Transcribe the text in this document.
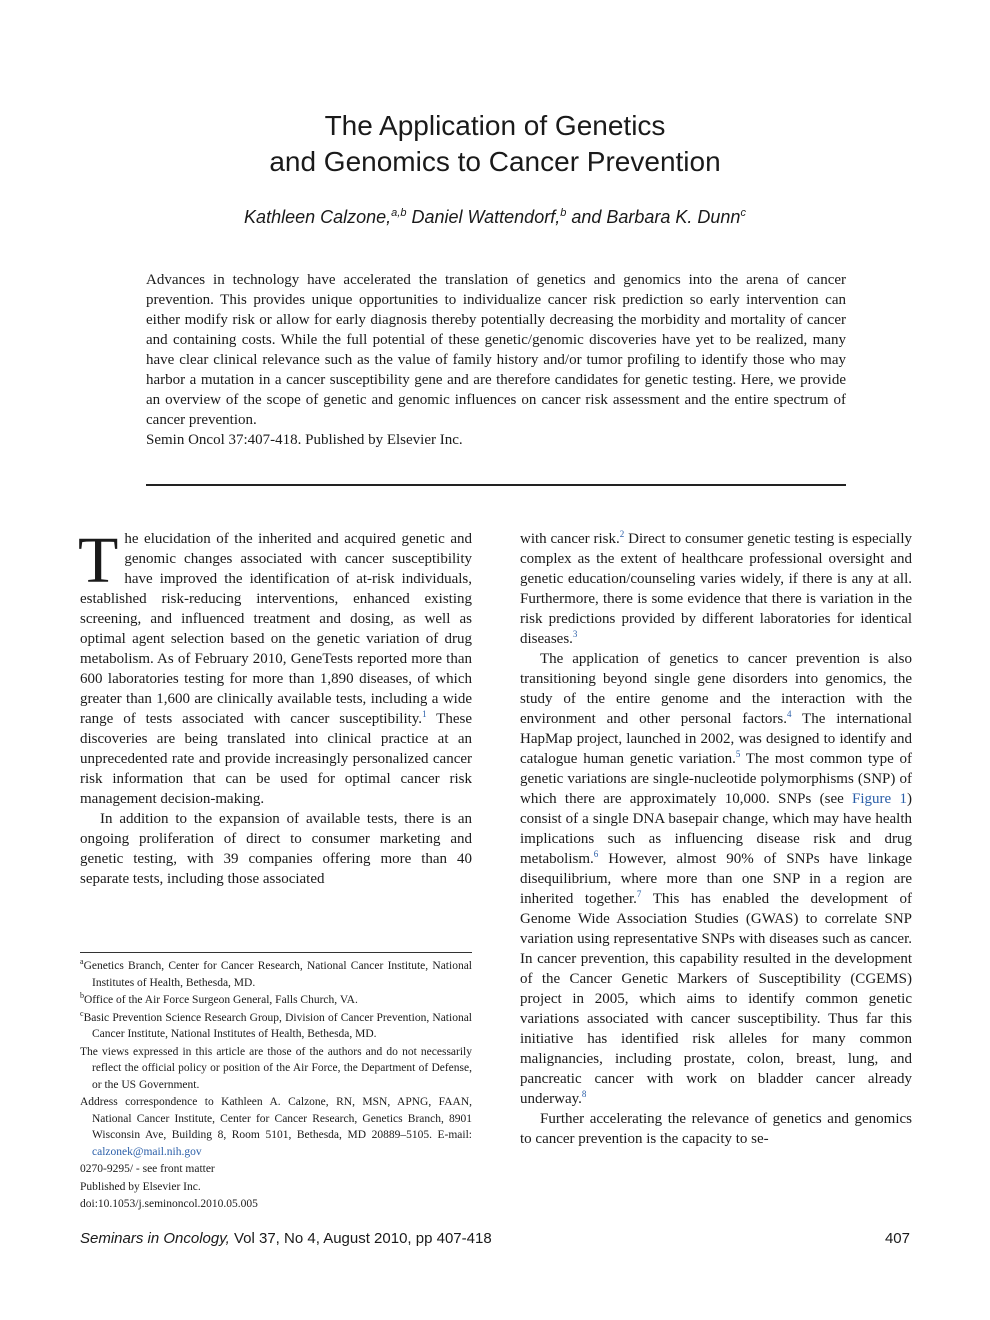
The Application of Genetics
and Genomics to Cancer Prevention
Kathleen Calzone,$^{a,b}$ Daniel Wattendorf,$^b$ and Barbara K. Dunn$^c$

Advances in technology have accelerated the translation of genetics and genomics into the arena of cancer prevention. This provides unique opportunities to individualize cancer risk prediction so early intervention can either modify risk or allow for early diagnosis thereby potentially decreasing the morbidity and mortality of cancer and containing costs. While the full potential of these genetic/genomic discoveries have yet to be realized, many have clear clinical relevance such as the value of family history and/or tumor profiling to identify those who may harbor a mutation in a cancer susceptibility gene and are therefore candidates for genetic testing. Here, we provide an overview of the scope of genetic and genomic influences on cancer risk assessment and the entire spectrum of cancer prevention.

Semin Oncol 37:407-418. Published by Elsevier Inc.

The elucidation of the inherited and acquired genetic and genomic changes associated with cancer susceptibility have improved the identification of at-risk individuals, established risk-reducing interventions, enhanced existing screening, and influenced treatment and dosing, as well as optimal agent selection based on the genetic variation of drug metabolism. As of February 2010, GeneTests reported more than 600 laboratories testing for more than 1,890 diseases, of which greater than 1,600 are clinically available tests, including a wide range of tests associated with cancer susceptibility.$^1$ These discoveries are being translated into clinical practice at an unprecedented rate and provide increasingly personalized cancer risk information that can be used for optimal cancer risk management decision-making.

In addition to the expansion of available tests, there is an ongoing proliferation of direct to consumer marketing and genetic testing, with 39 companies offering more than 40 separate tests, including those associated

$^a$Genetics Branch, Center for Cancer Research, National Cancer Institute, National Institutes of Health, Bethesda, MD.

$^b$Office of the Air Force Surgeon General, Falls Church, VA.

$^c$Basic Prevention Science Research Group, Division of Cancer Prevention, National Cancer Institute, National Institutes of Health, Bethesda, MD.

The views expressed in this article are those of the authors and do not necessarily reflect the official policy or position of the Air Force, the Department of Defense, or the US Government.

Address correspondence to Kathleen A. Calzone, RN, MSN, APNG, FAAN, National Cancer Institute, Center for Cancer Research, Genetics Branch, 8901 Wisconsin Ave, Building 8, Room 5101, Bethesda, MD 20889–5105. E-mail: calzonek@mail.nih.gov

0270-9295/ - see front matter

Published by Elsevier Inc.

doi:10.1053/j.seminoncol.2010.05.005

with cancer risk.$^2$ Direct to consumer genetic testing is especially complex as the extent of healthcare professional oversight and genetic education/counseling varies widely, if there is any at all. Furthermore, there is some evidence that there is variation in the risk predictions provided by different laboratories for identical diseases.$^3$

The application of genetics to cancer prevention is also transitioning beyond single gene disorders into genomics, the study of the entire genome and the interaction with the environment and other personal factors.$^4$ The international HapMap project, launched in 2002, was designed to identify and catalogue human genetic variation.$^5$ The most common type of genetic variations are single-nucleotide polymorphisms (SNP) of which there are approximately 10,000. SNPs (see Figure 1) consist of a single DNA basepair change, which may have health implications such as influencing disease risk and drug metabolism.$^6$ However, almost 90% of SNPs have linkage disequilibrium, where more than one SNP in a region are inherited together.$^7$ This has enabled the development of Genome Wide Association Studies (GWAS) to correlate SNP variation using representative SNPs with diseases such as cancer. In cancer prevention, this capability resulted in the development of the Cancer Genetic Markers of Susceptibility (CGEMS) project in 2005, which aims to identify common genetic variations associated with cancer susceptibility. Thus far this initiative has identified risk alleles for many common malignancies, including prostate, colon, breast, lung, and pancreatic cancer with work on bladder cancer already underway.$^8$

Further accelerating the relevance of genetics and genomics to cancer prevention is the capacity to se-

Seminars in Oncology, Vol 37, No 4, August 2010, pp 407-418	407
